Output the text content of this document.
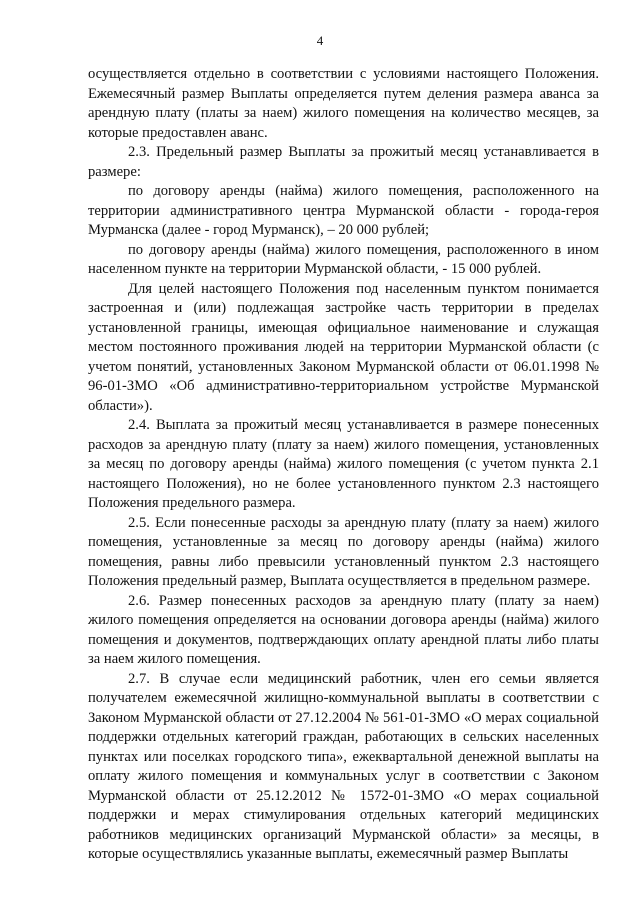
4

осуществляется отдельно в соответствии с условиями настоящего Положения. Ежемесячный размер Выплаты определяется путем деления размера аванса за арендную плату (платы за наем) жилого помещения на количество месяцев, за которые предоставлен аванс.

2.3. Предельный размер Выплаты за прожитый месяц устанавливается в размере:

по договору аренды (найма) жилого помещения, расположенного на территории административного центра Мурманской области - города-героя Мурманска (далее - город Мурманск), – 20 000 рублей;

по договору аренды (найма) жилого помещения, расположенного в ином населенном пункте на территории Мурманской области, - 15 000 рублей.

Для целей настоящего Положения под населенным пунктом понимается застроенная и (или) подлежащая застройке часть территории в пределах установленной границы, имеющая официальное наименование и служащая местом постоянного проживания людей на территории Мурманской области (с учетом понятий, установленных Законом Мурманской области от 06.01.1998 № 96-01-ЗМО «Об административно-территориальном устройстве Мурманской области»).

2.4. Выплата за прожитый месяц устанавливается в размере понесенных расходов за арендную плату (плату за наем) жилого помещения, установленных за месяц по договору аренды (найма) жилого помещения (с учетом пункта 2.1 настоящего Положения), но не более установленного пунктом 2.3 настоящего Положения предельного размера.

2.5. Если понесенные расходы за арендную плату (плату за наем) жилого помещения, установленные за месяц по договору аренды (найма) жилого помещения, равны либо превысили установленный пунктом 2.3 настоящего Положения предельный размер, Выплата осуществляется в предельном размере.

2.6. Размер понесенных расходов за арендную плату (плату за наем) жилого помещения определяется на основании договора аренды (найма) жилого помещения и документов, подтверждающих оплату арендной платы либо платы за наем жилого помещения.

2.7. В случае если медицинский работник, член его семьи является получателем ежемесячной жилищно-коммунальной выплаты в соответствии с Законом Мурманской области от 27.12.2004 № 561-01-ЗМО «О мерах социальной поддержки отдельных категорий граждан, работающих в сельских населенных пунктах или поселках городского типа», ежеквартальной денежной выплаты на оплату жилого помещения и коммунальных услуг в соответствии с Законом Мурманской области от 25.12.2012 № 1572-01-ЗМО «О мерах социальной поддержки и мерах стимулирования отдельных категорий медицинских работников медицинских организаций Мурманской области» за месяцы, в которые осуществлялись указанные выплаты, ежемесячный размер Выплаты
